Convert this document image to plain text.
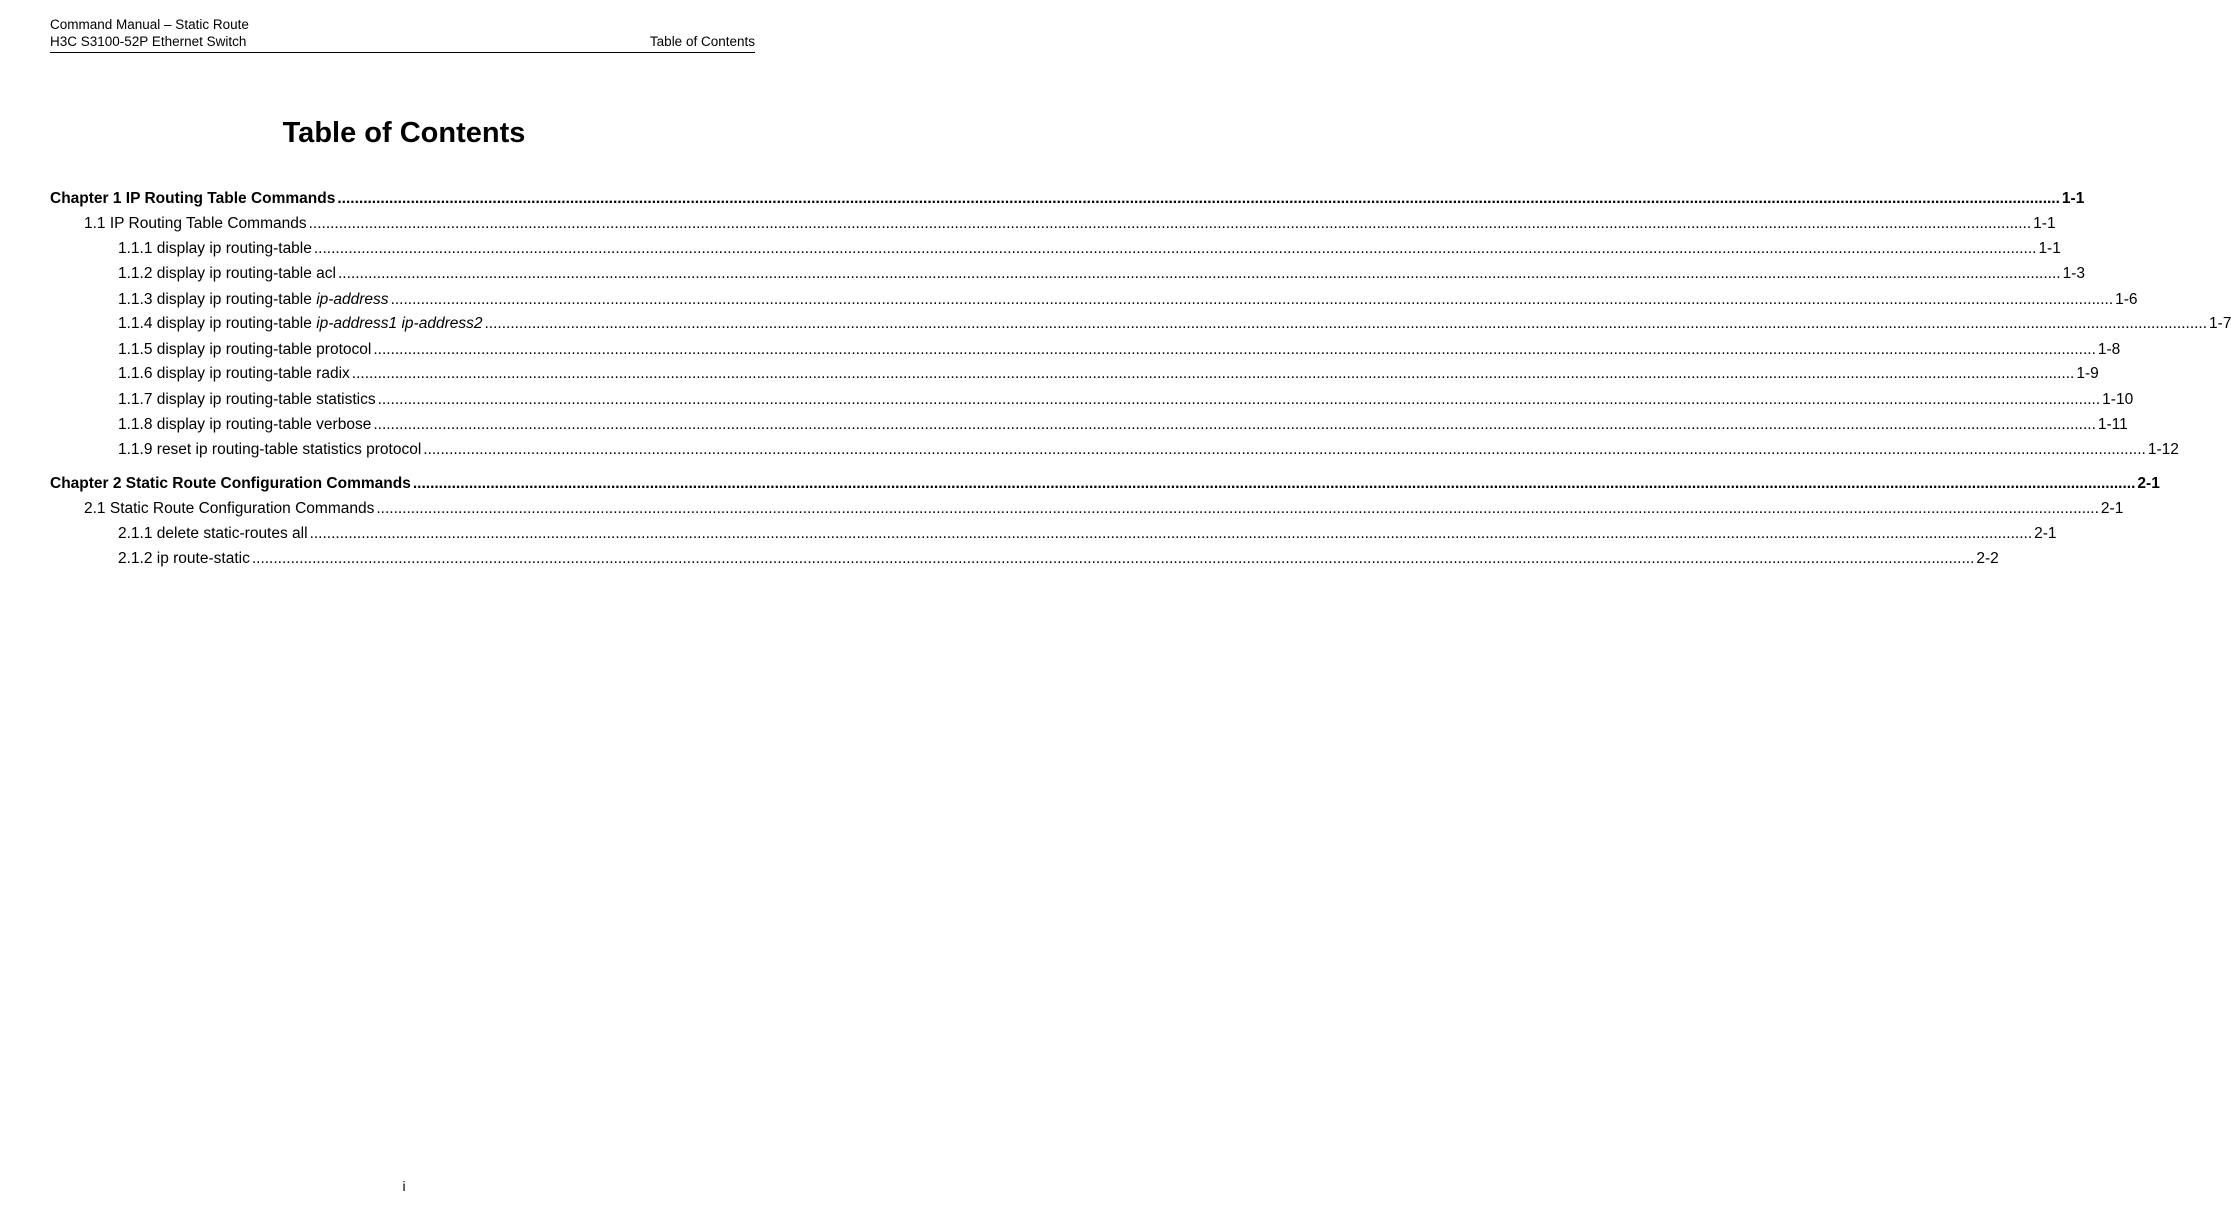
Command Manual – Static Route
H3C S3100-52P Ethernet Switch	Table of Contents
Table of Contents
Chapter 1 IP Routing Table Commands ................................................................................................................................................................................................................................................................................................................................................................................................................ 1-1
1.1 IP Routing Table Commands ................................................................................................................................................................................................................................................................................................................................................................................................................ 1-1
1.1.1 display ip routing-table ................................................................................................................................................................................................................................................................................................................................................................................................................ 1-1
1.1.2 display ip routing-table acl ................................................................................................................................................................................................................................................................................................................................................................................................................ 1-3
1.1.3 display ip routing-table ip-address ................................................................................................................................................................................................................................................................................................................................................................................................................ 1-6
1.1.4 display ip routing-table ip-address1 ip-address2 ................................................................................................................................................................................................................................................................................................................................................................................................................ 1-7
1.1.5 display ip routing-table protocol ................................................................................................................................................................................................................................................................................................................................................................................................................ 1-8
1.1.6 display ip routing-table radix ................................................................................................................................................................................................................................................................................................................................................................................................................ 1-9
1.1.7 display ip routing-table statistics ................................................................................................................................................................................................................................................................................................................................................................................................................ 1-10
1.1.8 display ip routing-table verbose ................................................................................................................................................................................................................................................................................................................................................................................................................ 1-11
1.1.9 reset ip routing-table statistics protocol ................................................................................................................................................................................................................................................................................................................................................................................................................ 1-12
Chapter 2 Static Route Configuration Commands ................................................................................................................................................................................................................................................................................................................................................................................................................ 2-1
2.1 Static Route Configuration Commands ................................................................................................................................................................................................................................................................................................................................................................................................................ 2-1
2.1.1 delete static-routes all ................................................................................................................................................................................................................................................................................................................................................................................................................ 2-1
2.1.2 ip route-static ................................................................................................................................................................................................................................................................................................................................................................................................................ 2-2
i
